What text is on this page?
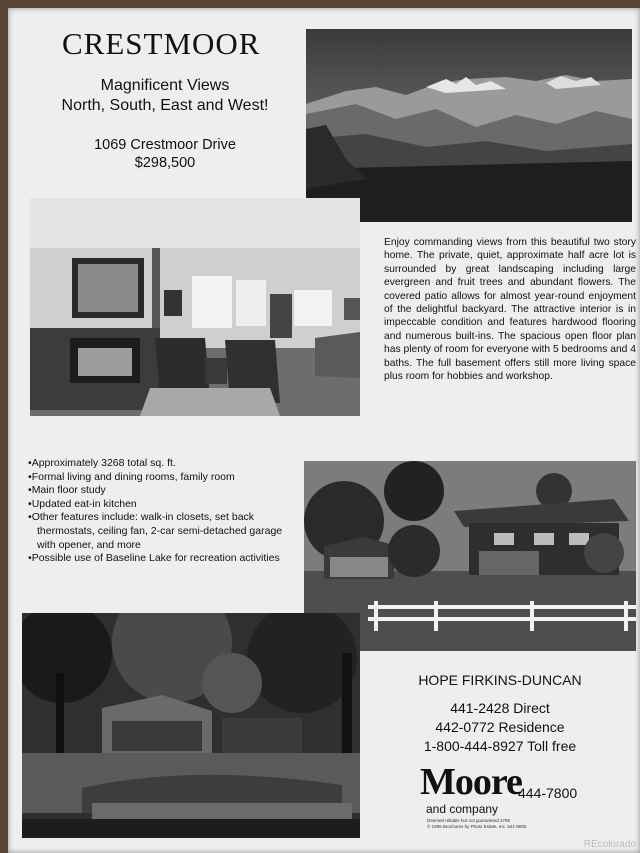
CRESTMOOR
Magnificent Views
North, South, East and West!
1069 Crestmoor Drive
$298,500
Enjoy commanding views from this beautiful two story home. The private, quiet, approximate half acre lot is surrounded by great landscaping including large evergreen and fruit trees and abundant flowers. The covered patio allows for almost year-round enjoyment of the delightful backyard. The attractive interior is in impeccable condition and features hardwood flooring and numerous built-ins. The spacious open floor plan has plenty of room for everyone with 5 bedrooms and 4 baths. The full basement offers still more living space plus room for hobbies and workshop.
• Approximately 3268 total sq. ft.
• Formal living and dining rooms, family room
• Main floor study
• Updated eat-in kitchen
• Other features include: walk-in closets, set back thermostats, ceiling fan, 2-car semi-detached garage with opener, and more
• Possible use of Baseline Lake for recreation activities
HOPE FIRKINS-DUNCAN
441-2428 Direct
442-0772 Residence
1-800-444-8927 Toll free
Moore
444-7800
and company
Deemed reliable but not guaranteed 2786
© 1996 Brochures by Photo Estate, Inc. 541-9006
REcolorado
